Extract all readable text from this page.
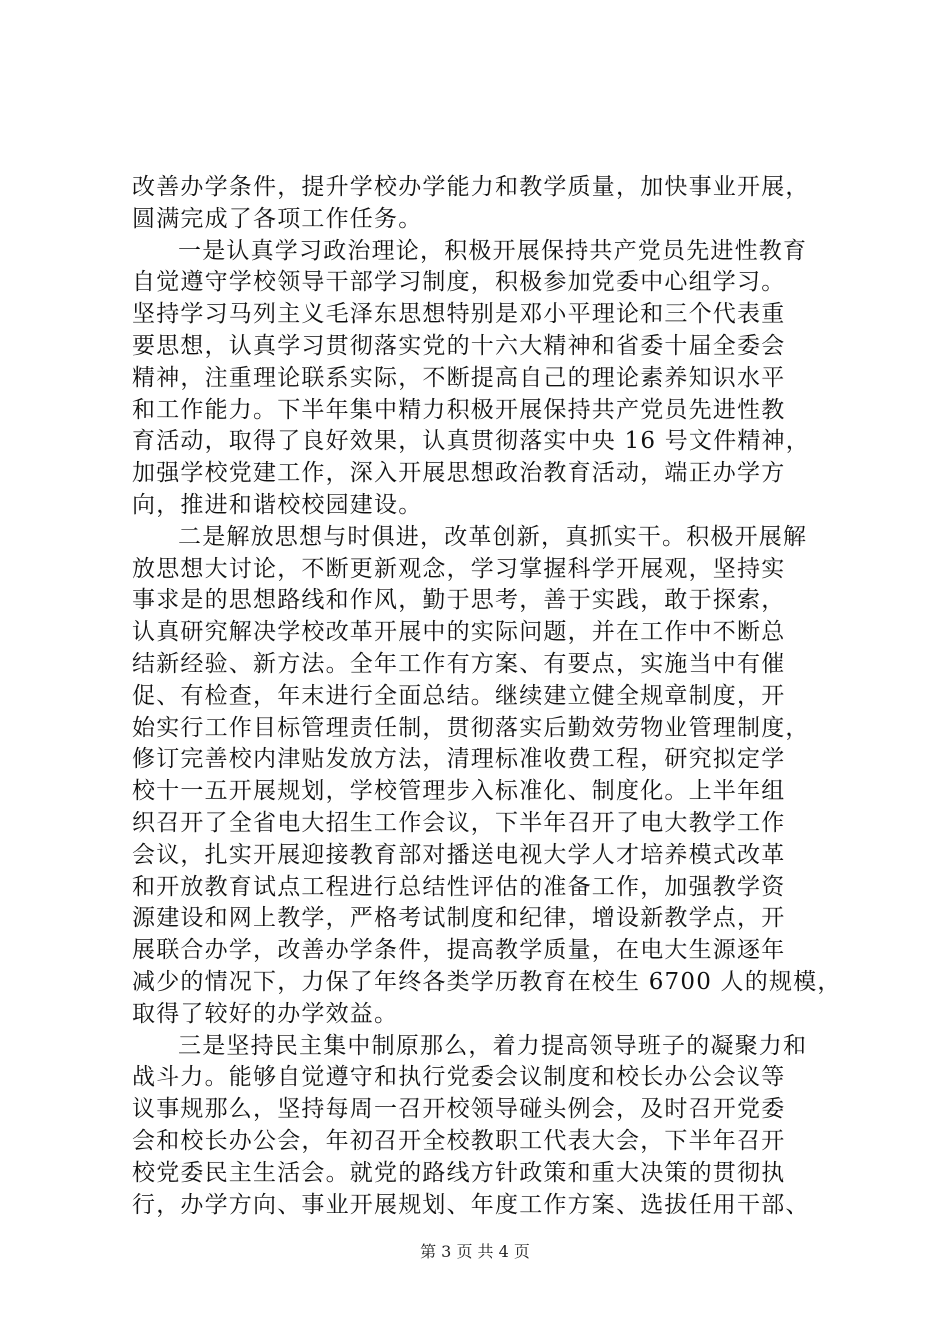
改善办学条件，提升学校办学能力和教学质量，加快事业开展，
圆满完成了各项工作任务。
一是认真学习政治理论，积极开展保持共产党员先进性教育
自觉遵守学校领导干部学习制度，积极参加党委中心组学习。
坚持学习马列主义毛泽东思想特别是邓小平理论和三个代表重
要思想，认真学习贯彻落实党的十六大精神和省委十届全委会
精神，注重理论联系实际，不断提高自己的理论素养知识水平
和工作能力。下半年集中精力积极开展保持共产党员先进性教
育活动，取得了良好效果，认真贯彻落实中央 16 号文件精神，
加强学校党建工作，深入开展思想政治教育活动，端正办学方
向，推进和谐校校园建设。
二是解放思想与时俱进，改革创新，真抓实干。积极开展解
放思想大讨论，不断更新观念，学习掌握科学开展观，坚持实
事求是的思想路线和作风，勤于思考，善于实践，敢于探索，
认真研究解决学校改革开展中的实际问题，并在工作中不断总
结新经验、新方法。全年工作有方案、有要点，实施当中有催
促、有检查，年末进行全面总结。继续建立健全规章制度，开
始实行工作目标管理责任制，贯彻落实后勤效劳物业管理制度，
修订完善校内津贴发放方法，清理标准收费工程，研究拟定学
校十一五开展规划，学校管理步入标准化、制度化。上半年组
织召开了全省电大招生工作会议，下半年召开了电大教学工作
会议，扎实开展迎接教育部对播送电视大学人才培养模式改革
和开放教育试点工程进行总结性评估的准备工作，加强教学资
源建设和网上教学，严格考试制度和纪律，增设新教学点，开
展联合办学，改善办学条件，提高教学质量，在电大生源逐年
减少的情况下，力保了年终各类学历教育在校生 6700 人的规模，
取得了较好的办学效益。
三是坚持民主集中制原那么，着力提高领导班子的凝聚力和
战斗力。能够自觉遵守和执行党委会议制度和校长办公会议等
议事规那么，坚持每周一召开校领导碰头例会，及时召开党委
会和校长办公会，年初召开全校教职工代表大会，下半年召开
校党委民主生活会。就党的路线方针政策和重大决策的贯彻执
行，办学方向、事业开展规划、年度工作方案、选拔任用干部、
第 3 页 共 4 页
